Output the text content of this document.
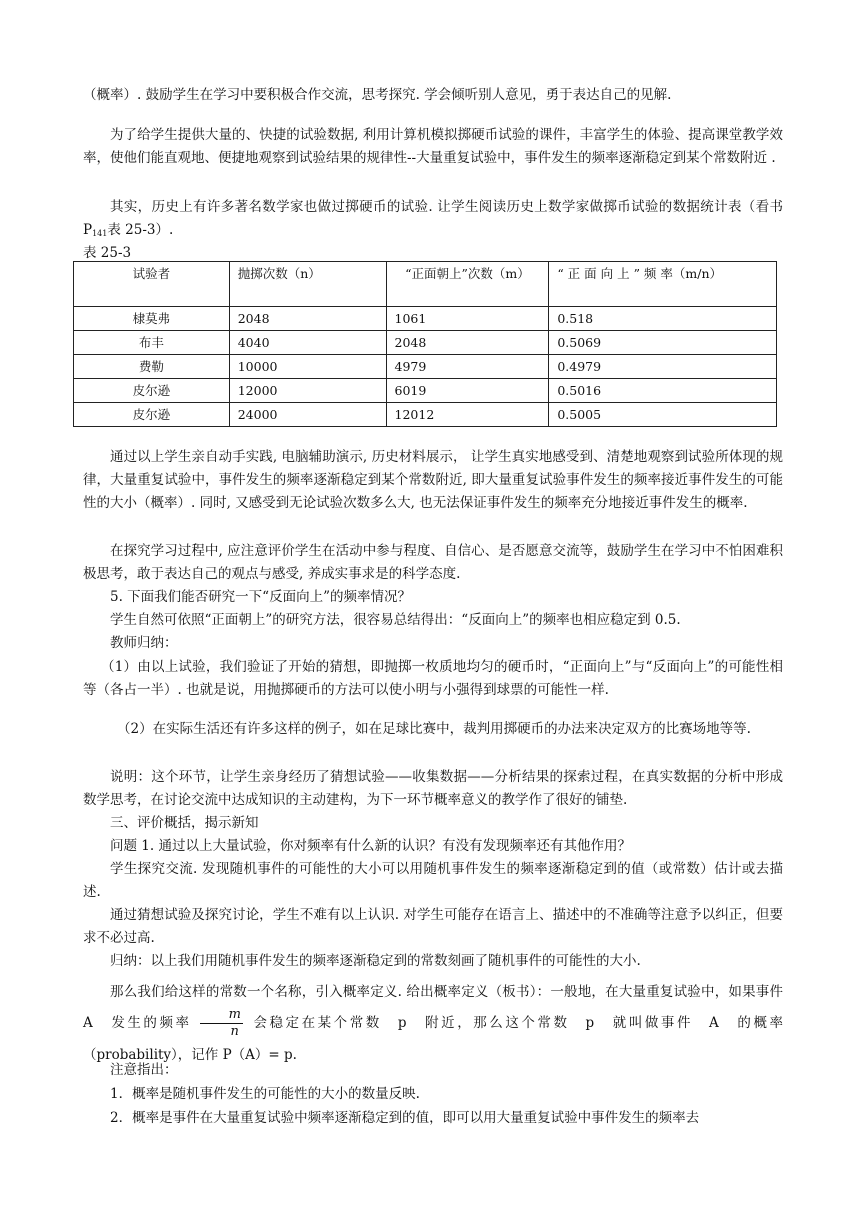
（概率）. 鼓励学生在学习中要积极合作交流，思考探究. 学会倾听别人意见，勇于表达自己的见解.

为了给学生提供大量的、快捷的试验数据, 利用计算机模拟掷硬币试验的课件，丰富学生的体验、提高课堂教学效率，使他们能直观地、便捷地观察到试验结果的规律性--大量重复试验中，事件发生的频率逐渐稳定到某个常数附近 .

其实，历史上有许多著名数学家也做过掷硬币的试验. 让学生阅读历史上数学家做掷币试验的数据统计表（看书 $P_{141}$表 25-3）.

表 25-3

试验者	抛掷次数（n）	“正面朝上”次数（m）	“ 正 面 向 上 ” 频 率（m/n）
棣莫弗	2048	1061	0.518
布丰	4040	2048	0.5069
费勒	10000	4979	0.4979
皮尔逊	12000	6019	0.5016
皮尔逊	24000	12012	0.5005

通过以上学生亲自动手实践, 电脑辅助演示, 历史材料展示， 让学生真实地感受到、清楚地观察到试验所体现的规律，大量重复试验中，事件发生的频率逐渐稳定到某个常数附近, 即大量重复试验事件发生的频率接近事件发生的可能性的大小（概率）. 同时, 又感受到无论试验次数多么大, 也无法保证事件发生的频率充分地接近事件发生的概率.

在探究学习过程中, 应注意评价学生在活动中参与程度、自信心、是否愿意交流等，鼓励学生在学习中不怕困难积极思考，敢于表达自己的观点与感受, 养成实事求是的科学态度.

5. 下面我们能否研究一下“反面向上”的频率情况？

学生自然可依照“正面朝上”的研究方法，很容易总结得出：“反面向上”的频率也相应稳定到 0.5.

教师归纳：

（1）由以上试验，我们验证了开始的猜想，即抛掷一枚质地均匀的硬币时，“正面向上”与“反面向上”的可能性相等（各占一半）. 也就是说，用抛掷硬币的方法可以使小明与小强得到球票的可能性一样.

（2）在实际生活还有许多这样的例子，如在足球比赛中，裁判用掷硬币的办法来决定双方的比赛场地等等.

说明：这个环节，让学生亲身经历了猜想试验——收集数据——分析结果的探索过程，在真实数据的分析中形成数学思考，在讨论交流中达成知识的主动建构，为下一环节概率意义的教学作了很好的铺垫.

三、评价概括，揭示新知

问题 1. 通过以上大量试验，你对频率有什么新的认识？有没有发现频率还有其他作用？

学生探究交流. 发现随机事件的可能性的大小可以用随机事件发生的频率逐渐稳定到的值（或常数）估计或去描述.

通过猜想试验及探究讨论，学生不难有以上认识. 对学生可能存在语言上、描述中的不准确等注意予以纠正，但要求不必过高.

归纳：以上我们用随机事件发生的频率逐渐稳定到的常数刻画了随机事件的可能性的大小.

那么我们给这样的常数一个名称，引入概率定义. 给出概率定义（板书）：一般地，在大量重复试验中，如果事件　A　发生的频率 $\frac{m}{n}$ 会稳定在某个常数　p　附近，那么这个常数　p　就叫做事件　A　的概率（probability），记作 P（A）= p.

注意指出：

1．概率是随机事件发生的可能性的大小的数量反映.

2．概率是事件在大量重复试验中频率逐渐稳定到的值，即可以用大量重复试验中事件发生的频率去
